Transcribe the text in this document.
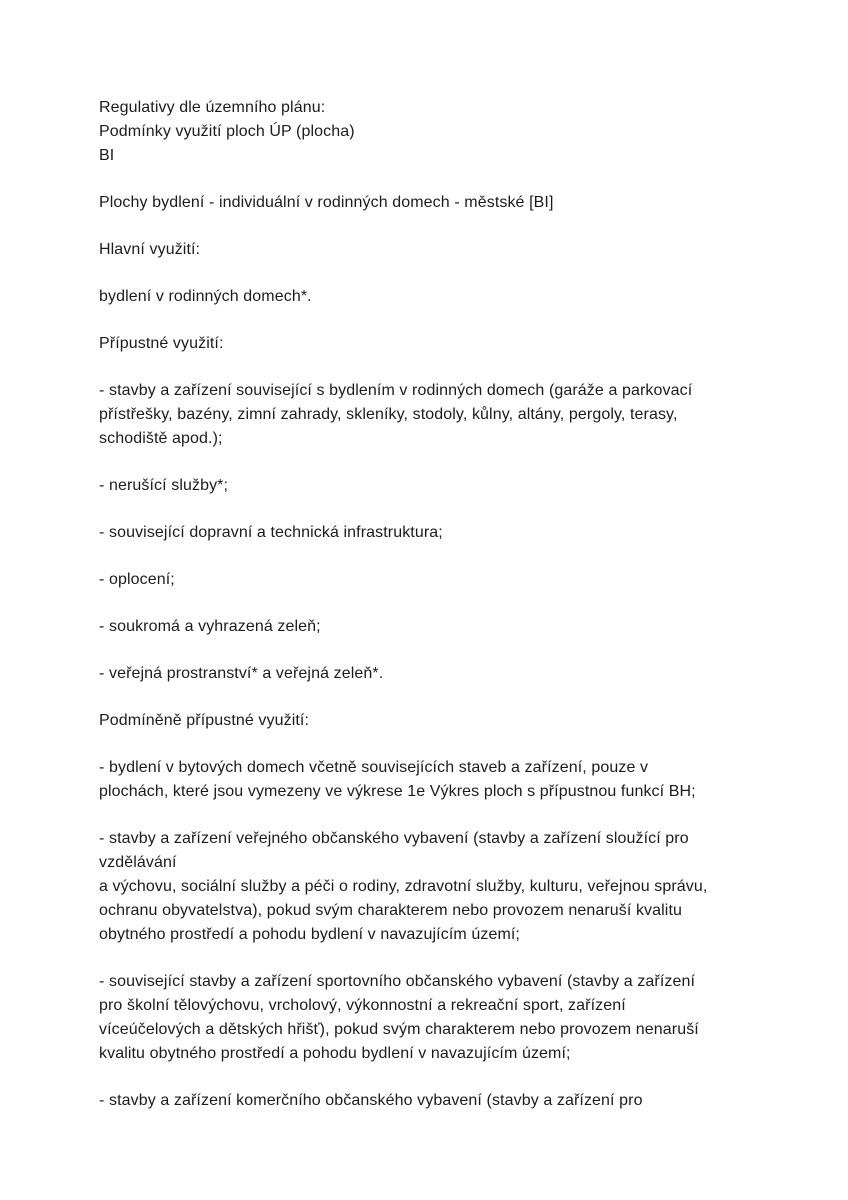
Regulativy dle územního plánu:
Podmínky využití ploch ÚP (plocha)
BI
Plochy bydlení - individuální v rodinných domech - městské [BI]
Hlavní využití:
bydlení v rodinných domech*.
Přípustné využití:
- stavby a zařízení související s bydlením v rodinných domech (garáže a parkovací
přístřešky, bazény, zimní zahrady, skleníky, stodoly, kůlny, altány, pergoly, terasy,
schodiště apod.);
- nerušící služby*;
- související dopravní a technická infrastruktura;
- oplocení;
- soukromá a vyhrazená zeleň;
- veřejná prostranství* a veřejná zeleň*.
Podmíněně přípustné využití:
- bydlení v bytových domech včetně souvisejících staveb a zařízení, pouze v
plochách, které jsou vymezeny ve výkrese 1e Výkres ploch s přípustnou funkcí BH;
- stavby a zařízení veřejného občanského vybavení (stavby a zařízení sloužící pro
vzdělávání
a výchovu, sociální služby a péči o rodiny, zdravotní služby, kulturu, veřejnou správu,
ochranu obyvatelstva), pokud svým charakterem nebo provozem nenaruší kvalitu
obytného prostředí a pohodu bydlení v navazujícím území;
- související stavby a zařízení sportovního občanského vybavení (stavby a zařízení
pro školní tělovýchovu, vrcholový, výkonnostní a rekreační sport, zařízení
víceúčelových a dětských hřišť), pokud svým charakterem nebo provozem nenaruší
kvalitu obytného prostředí a pohodu bydlení v navazujícím území;
- stavby a zařízení komerčního občanského vybavení (stavby a zařízení pro
